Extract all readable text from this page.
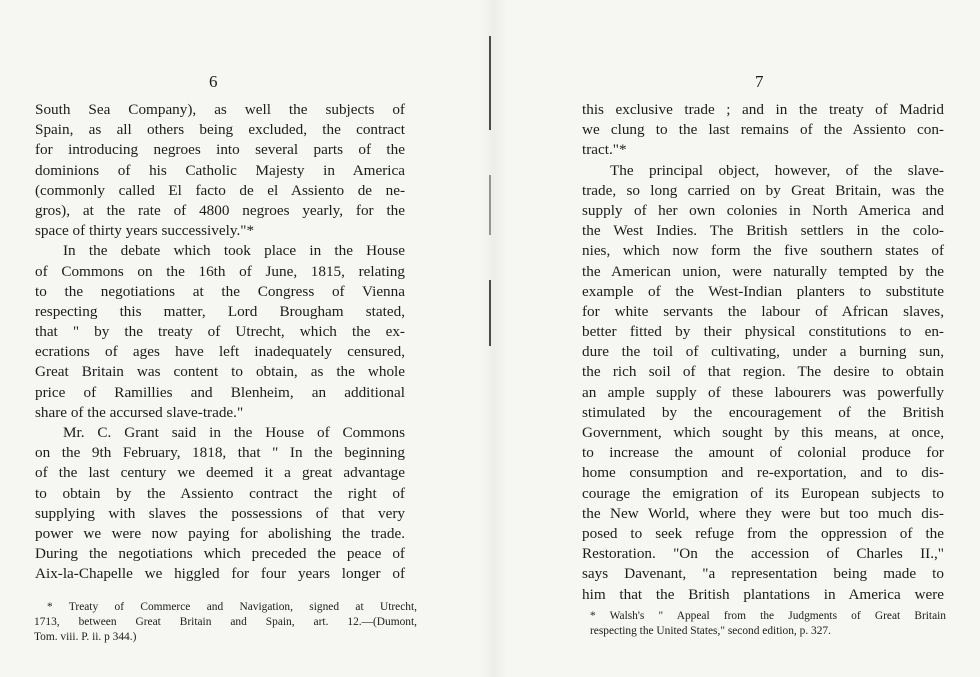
6
South Sea Company), as well the subjects of
Spain, as all others being excluded, the contract
for introducing negroes into several parts of the
dominions of his Catholic Majesty in America
(commonly called El facto de el Assiento de ne-
gros), at the rate of 4800 negroes yearly, for the
space of thirty years successively."*
In the debate which took place in the House
of Commons on the 16th of June, 1815, relating
to the negotiations at the Congress of Vienna
respecting this matter, Lord Brougham stated,
that " by the treaty of Utrecht, which the ex-
ecrations of ages have left inadequately censured,
Great Britain was content to obtain, as the whole
price of Ramillies and Blenheim, an additional
share of the accursed slave-trade."
Mr. C. Grant said in the House of Commons
on the 9th February, 1818, that " In the beginning
of the last century we deemed it a great advantage
to obtain by the Assiento contract the right of
supplying with slaves the possessions of that very
power we were now paying for abolishing the trade.
During the negotiations which preceded the peace of
Aix-la-Chapelle we higgled for four years longer of
* Treaty of Commerce and Navigation, signed at Utrecht,
1713, between Great Britain and Spain, art. 12.—(Dumont,
Tom. viii. P. ii. p 344.)
7
this exclusive trade ; and in the treaty of Madrid
we clung to the last remains of the Assiento con-
tract."*
The principal object, however, of the slave-
trade, so long carried on by Great Britain, was the
supply of her own colonies in North America and
the West Indies. The British settlers in the colo-
nies, which now form the five southern states of
the American union, were naturally tempted by the
example of the West-Indian planters to substitute
for white servants the labour of African slaves,
better fitted by their physical constitutions to en-
dure the toil of cultivating, under a burning sun,
the rich soil of that region. The desire to obtain
an ample supply of these labourers was powerfully
stimulated by the encouragement of the British
Government, which sought by this means, at once,
to increase the amount of colonial produce for
home consumption and re-exportation, and to dis-
courage the emigration of its European subjects to
the New World, where they were but too much dis-
posed to seek refuge from the oppression of the
Restoration. "On the accession of Charles II.,"
says Davenant, "a representation being made to
him that the British plantations in America were
* Walsh's " Appeal from the Judgments of Great Britain
respecting the United States," second edition, p. 327.
